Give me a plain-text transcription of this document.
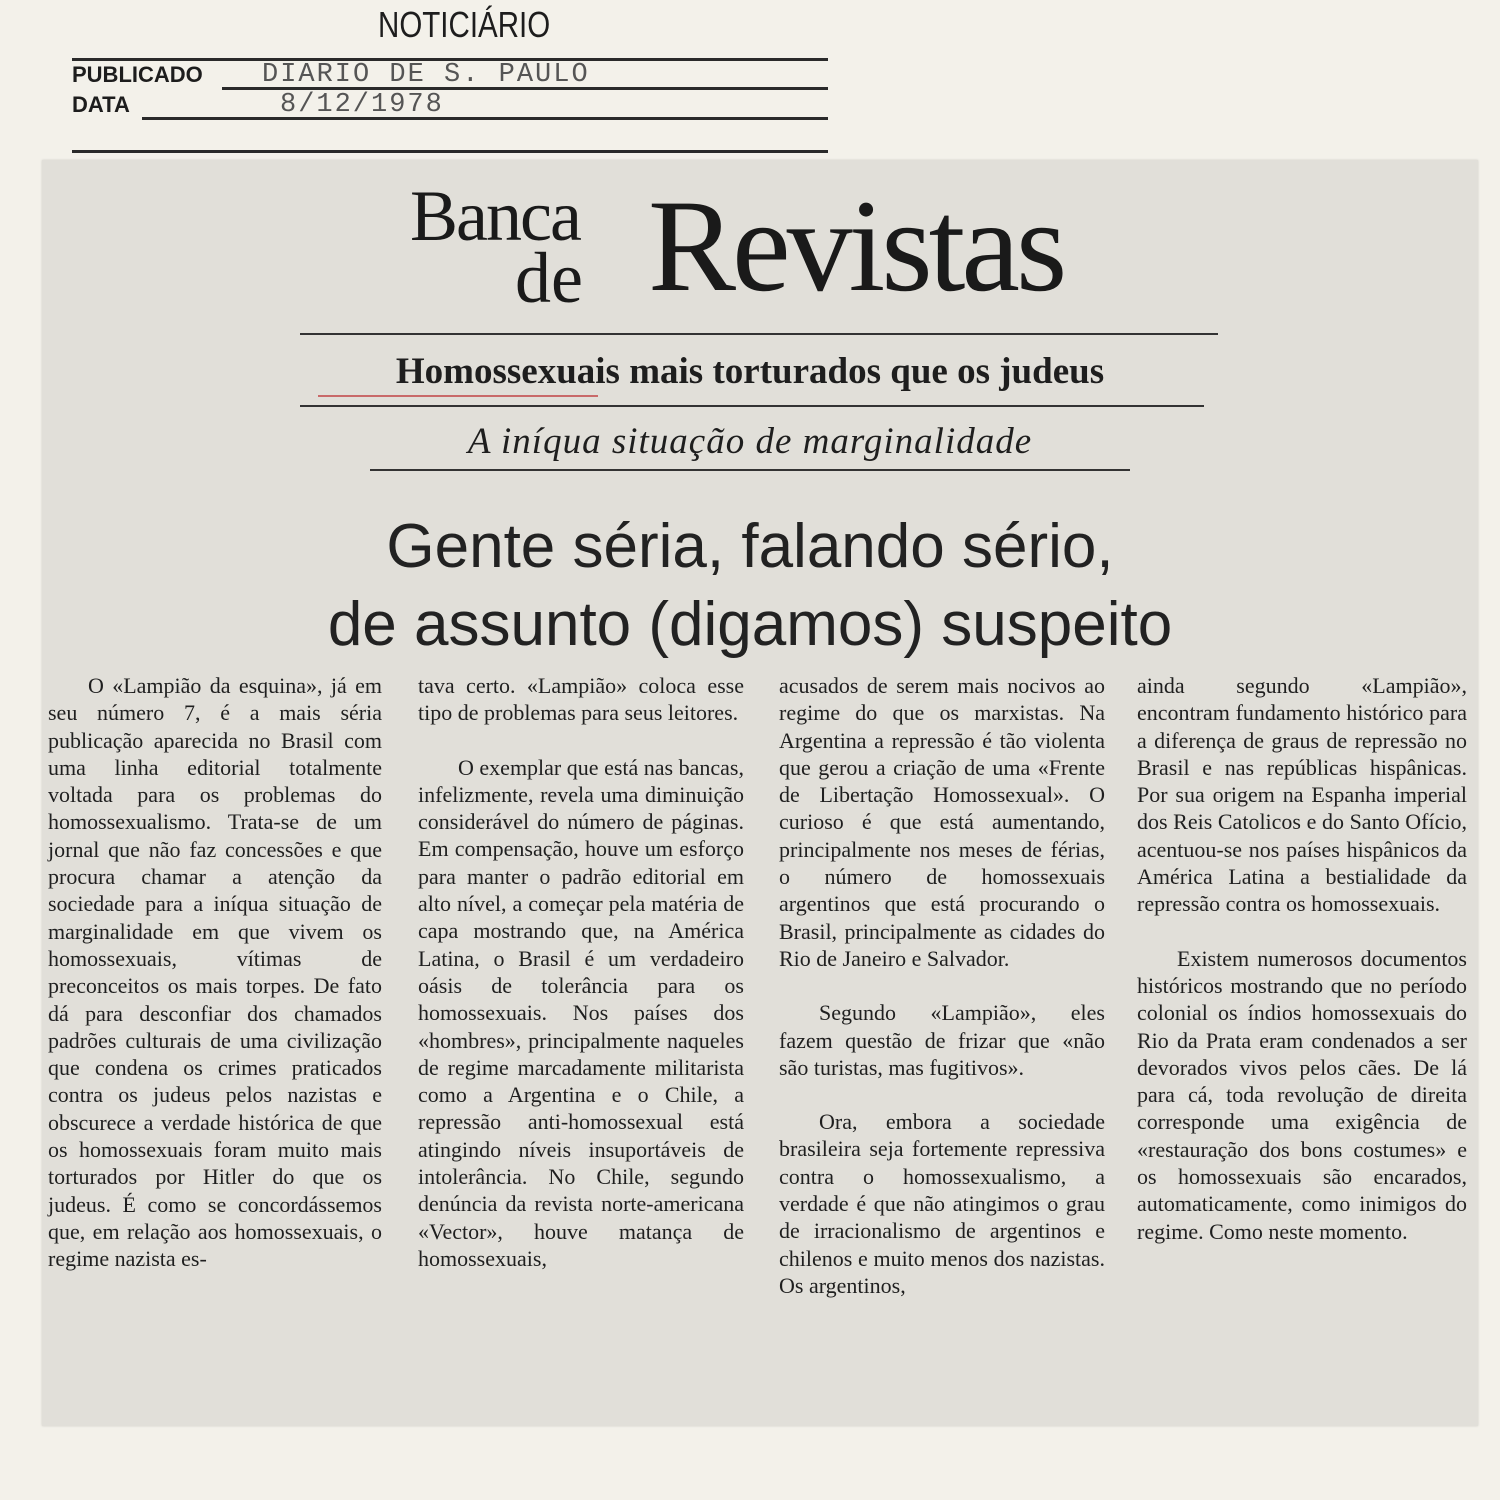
NOTICIÁRIO
PUBLICADO DIARIO DE S. PAULO
DATA	8/12/1978
Banca
de Revistas
Homossexuais mais torturados que os judeus
A iníqua situação de marginalidade
Gente séria, falando sério,
de assunto (digamos) suspeito

O «Lampião da esquina», já em seu número 7, é a mais séria publicação aparecida no Brasil com uma linha editorial totalmente voltada para os problemas do homossexualismo. Trata-se de um jornal que não faz concessões e que procura chamar a atenção da sociedade para a iníqua situação de marginalidade em que vivem os homossexuais, vítimas de preconceitos os mais torpes. De fato dá para desconfiar dos chamados padrões culturais de uma civilização que condena os crimes praticados contra os judeus pelos nazistas e obscurece a verdade histórica de que os homossexuais foram muito mais torturados por Hitler do que os judeus. É como se concordássemos que, em relação aos homossexuais, o regime nazista es-

tava certo. «Lampião» coloca esse tipo de problemas para seus leitores.

O exemplar que está nas bancas, infelizmente, revela uma diminuição considerável do número de páginas. Em compensação, houve um esforço para manter o padrão editorial em alto nível, a começar pela matéria de capa mostrando que, na América Latina, o Brasil é um verdadeiro oásis de tolerância para os homossexuais. Nos países dos «hombres», principalmente naqueles de regime marcadamente militarista como a Argentina e o Chile, a repressão anti-homossexual está atingindo níveis insuportáveis de intolerância. No Chile, segundo denúncia da revista norte-americana «Vector», houve matança de homossexuais,

acusados de serem mais nocivos ao regime do que os marxistas. Na Argentina a repressão é tão violenta que gerou a criação de uma «Frente de Libertação Homossexual». O curioso é que está aumentando, principalmente nos meses de férias, o número de homossexuais argentinos que está procurando o Brasil, principalmente as cidades do Rio de Janeiro e Salvador.

Segundo «Lampião», eles fazem questão de frizar que «não são turistas, mas fugitivos».

Ora, embora a sociedade brasileira seja fortemente repressiva contra o homossexualismo, a verdade é que não atingimos o grau de irracionalismo de argentinos e chilenos e muito menos dos nazistas. Os argentinos,

ainda segundo «Lampião», encontram fundamento histórico para a diferença de graus de repressão no Brasil e nas repúblicas hispânicas. Por sua origem na Espanha imperial dos Reis Catolicos e do Santo Ofício, acentuou-se nos países hispânicos da América Latina a bestialidade da repressão contra os homossexuais.

Existem numerosos documentos históricos mostrando que no período colonial os índios homossexuais do Rio da Prata eram condenados a ser devorados vivos pelos cães. De lá para cá, toda revolução de direita corresponde uma exigência de «restauração dos bons costumes» e os homossexuais são encarados, automaticamente, como inimigos do regime. Como neste momento.
